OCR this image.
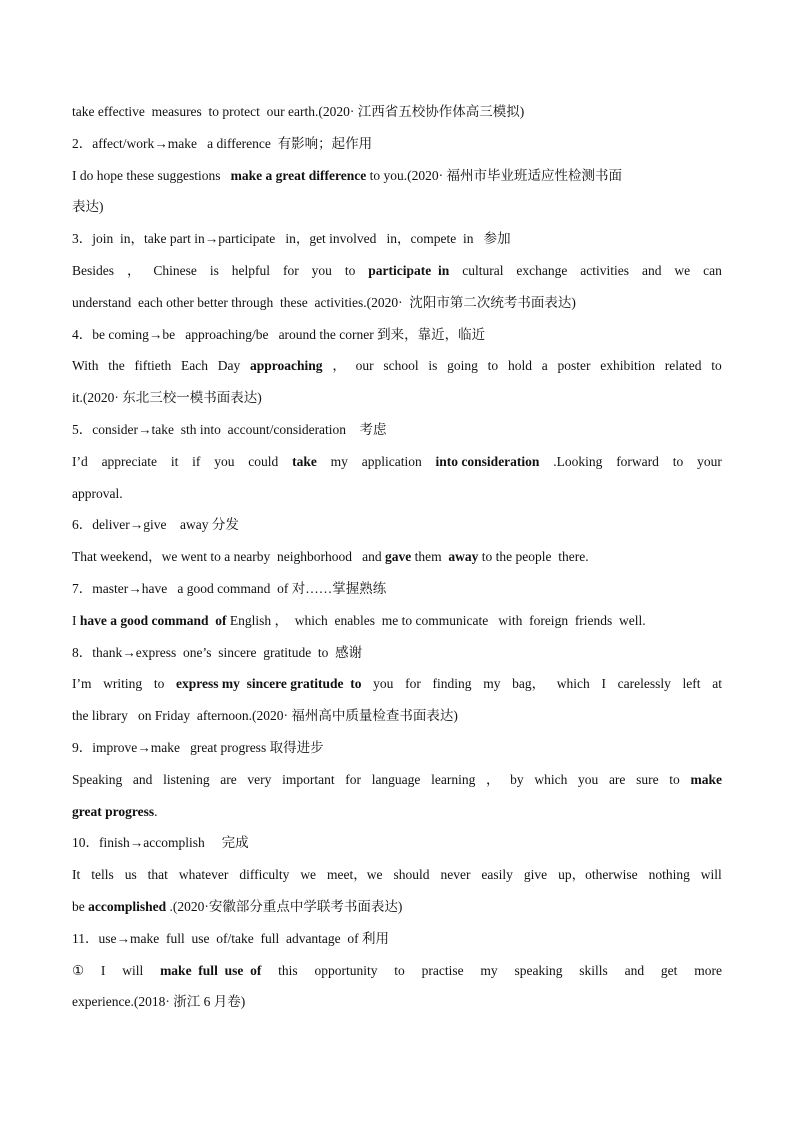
take effective  measures  to protect  our earth.(2020· 江西省五校协作体高三模拟)
2．affect/work→make   a difference  有影响；起作用
I do hope these suggestions   make a great difference to you.(2020· 福州市毕业班适应性检测书面
表达)
3．join  in，take part in→participate   in，get involved   in，compete  in   参加
Besides ， Chinese is helpful for you to participate  in cultural exchange activities and we can
understand  each other better through  these  activities.(2020·  沈阳市第二次统考书面表达)
4．be coming→be   approaching/be   around the corner 到来，靠近，临近
With the fiftieth Each Day approaching ， our school is going to hold a poster exhibition related to
it.(2020· 东北三校一模书面表达)
5．consider→take  sth into  account/consideration    考虑
I’d appreciate it if you could take my application into consideration .Looking forward to your
approval.
6．deliver→give    away 分发
That weekend，we went to a nearby  neighborhood   and gave them  away to the people  there.
7．master→have   a good command  of 对……掌握熟练
I have a good command  of English ，  which  enables  me to communicate   with  foreign  friends  well.
8．thank→express  one’s  sincere  gratitude  to  感谢
I’m writing to express my  sincere gratitude  to you for finding my bag， which I carelessly left at
the library   on Friday  afternoon.(2020· 福州高中质量检查书面表达)
9．improve→make   great progress 取得进步
Speaking and listening are very important for language learning ， by which you are sure to make
great progress.
10．finish→accomplish     完成
It tells us that whatever difficulty we meet，we should never easily give up，otherwise nothing will
be accomplished .(2020·安徽部分重点中学联考书面表达)
11．use→make  full  use  of/take  full  advantage  of 利用
① I will make  full  use  of this opportunity to practise my speaking skills and get more
experience.(2018· 浙江 6 月卷)
